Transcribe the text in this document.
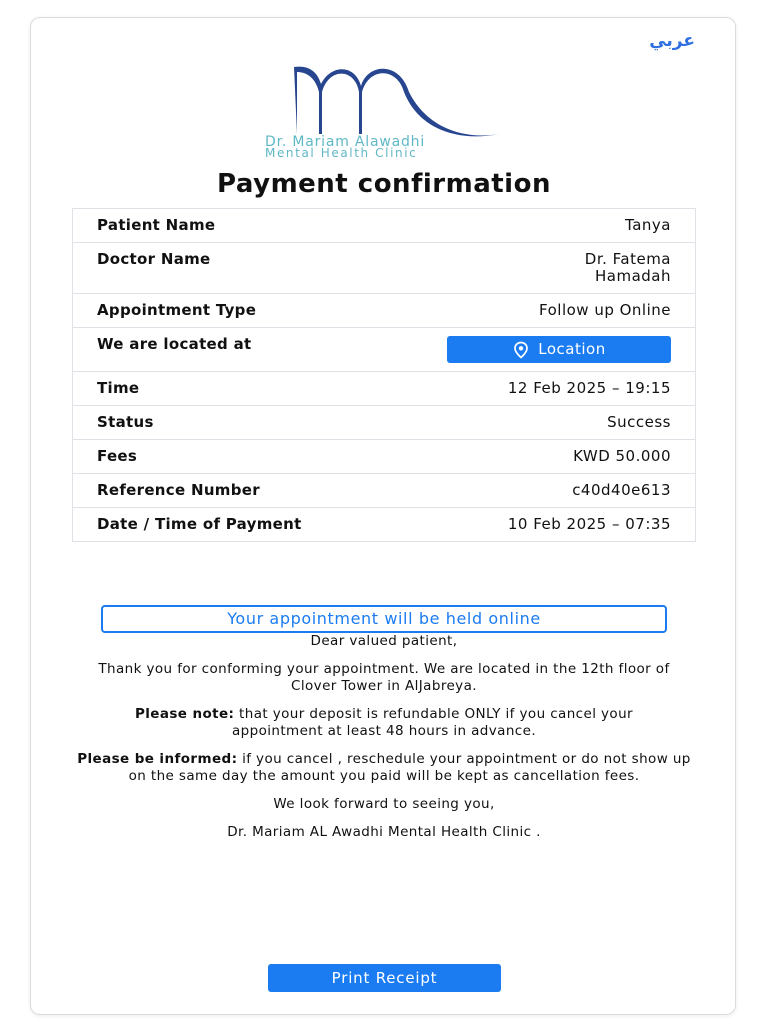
عربي
Dr. Mariam Alawadhi
Mental Health Clinic
Payment confirmation
Patient Name	Tanya
Doctor Name	Dr. Fatema Hamadah
Appointment Type	Follow up Online
We are located at	Location

Time	12 Feb 2025 – 19:15
Status	Success
Fees	KWD 50.000
Reference Number	c40d40e613
Date / Time of Payment	10 Feb 2025 – 07:35
Your appointment will be held online

Dear valued patient,

Thank you for conforming your appointment. We are located in the 12th floor of Clover Tower in AlJabreya.

Please note: that your deposit is refundable ONLY if you cancel your appointment at least 48 hours in advance.

Please be informed: if you cancel , reschedule your appointment or do not show up on the same day the amount you paid will be kept as cancellation fees.

We look forward to seeing you,

Dr. Mariam AL Awadhi Mental Health Clinic .

Print Receipt
